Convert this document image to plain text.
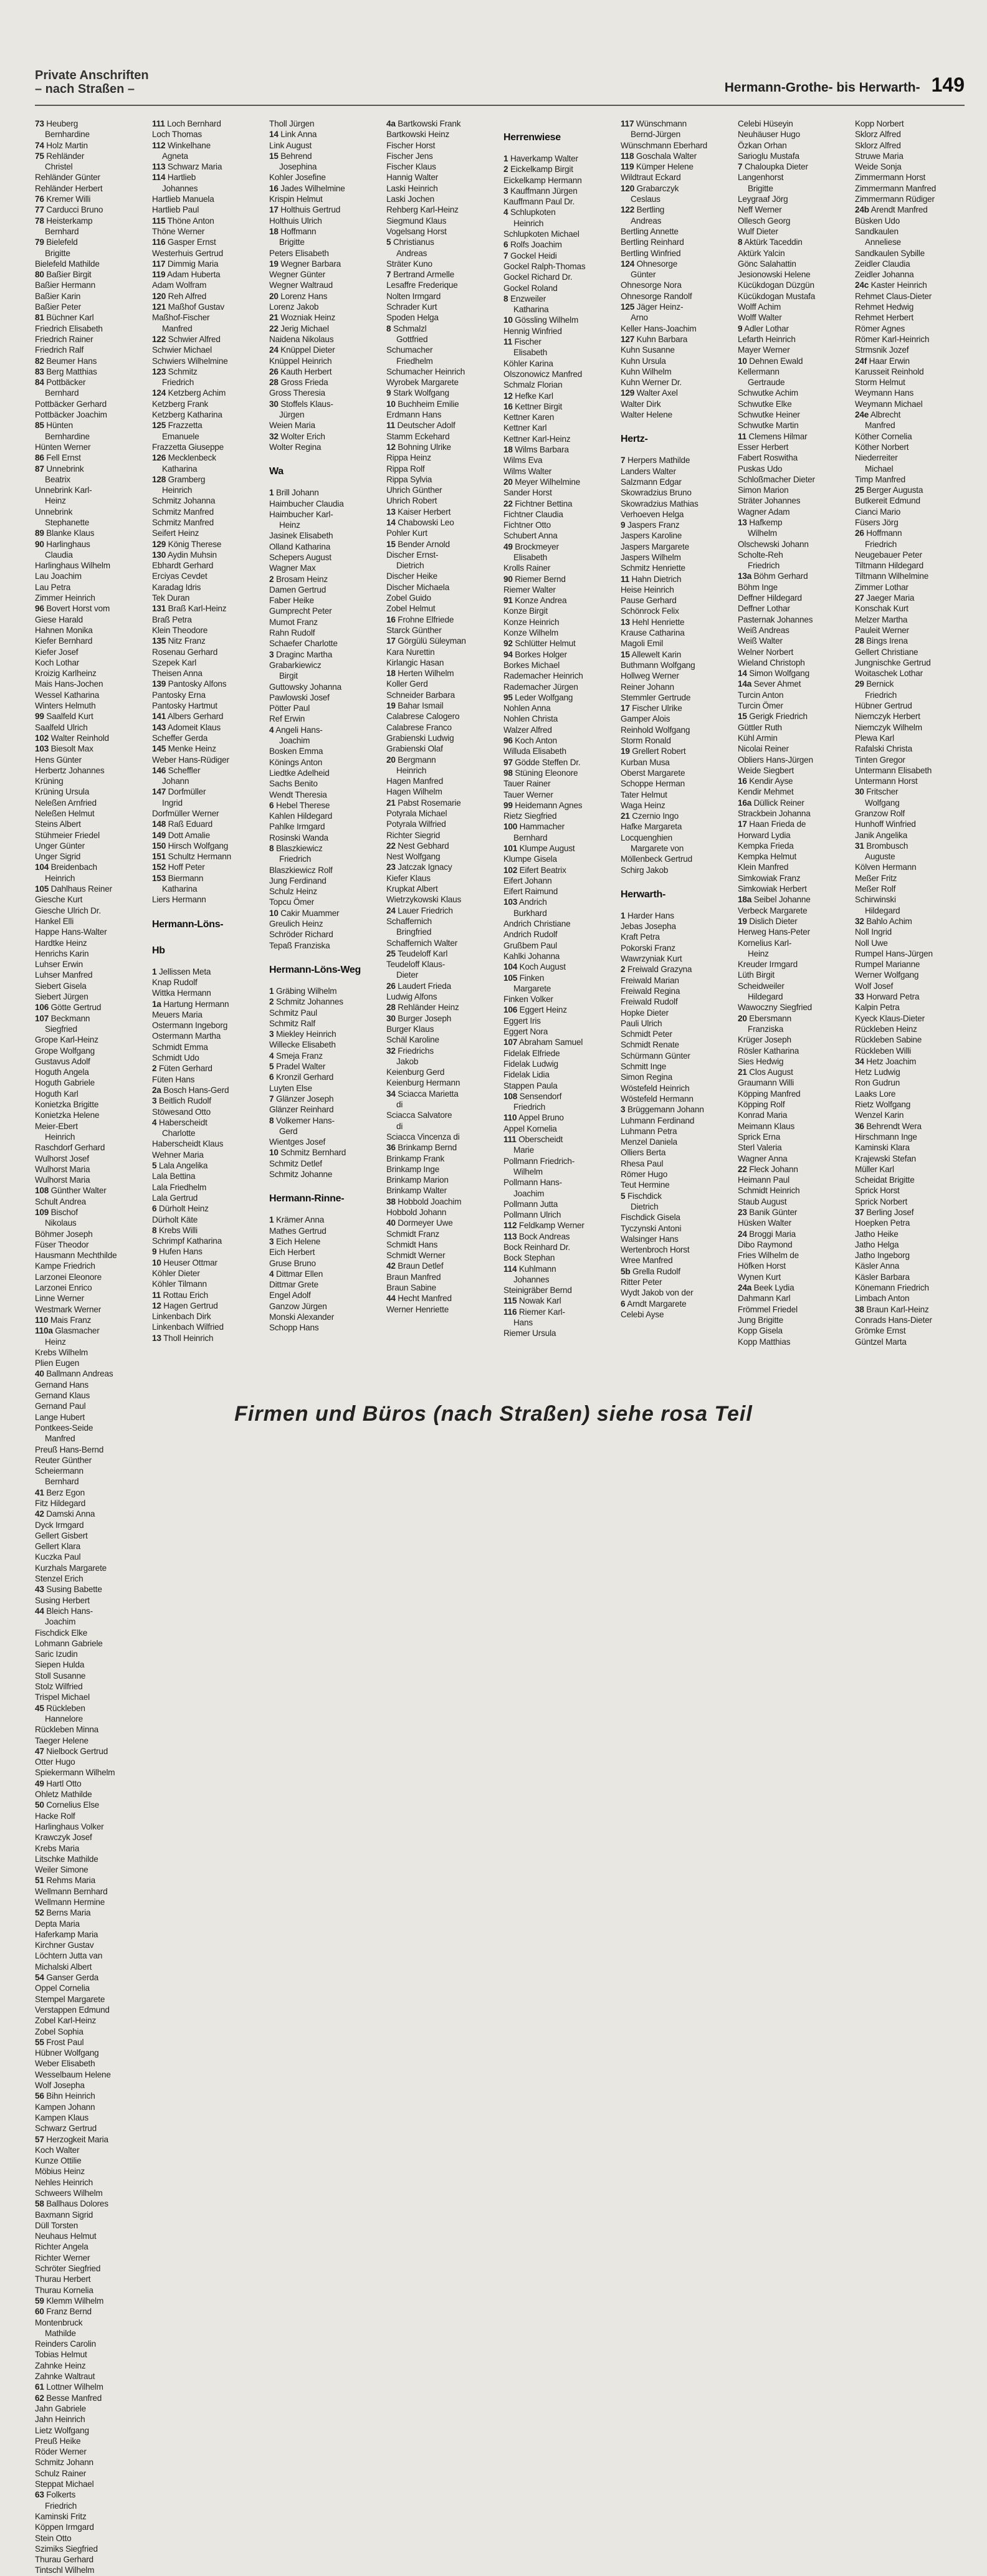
Private Anschriften
– nach Straßen –	Hermann-Grothe- bis Herwarth- 149
73 Heuberg
Bernhardine
74 Holz Martin
75 Rehländer
Christel
Rehländer Günter
Rehländer Herbert
76 Kremer Willi
77 Carducci Bruno
78 Heisterkamp
Bernhard
79 Bielefeld
Brigitte
Bielefeld Mathilde
80 Baßier Birgit
Baßier Hermann
Baßier Karin
Baßier Peter
81 Büchner Karl
Friedrich Elisabeth
Friedrich Rainer
Friedrich Ralf
82 Beumer Hans
83 Berg Matthias
84 Pottbäcker
Bernhard
Pottbäcker Gerhard
Pottbäcker Joachim
85 Hünten
Bernhardine
Hünten Werner
86 Fell Ernst
87 Unnebrink
Beatrix
Unnebrink Karl-
Heinz
Unnebrink
Stephanette
89 Blanke Klaus
90 Harlinghaus
Claudia
Harlinghaus Wilhelm
Lau Joachim
Lau Petra
Zimmer Heinrich
96 Bovert Horst vom
Giese Harald
Hahnen Monika
Kiefer Bernhard
Kiefer Josef
Koch Lothar
Kroizig Karlheinz
Mais Hans-Jochen
Wessel Katharina
Winters Helmuth
99 Saalfeld Kurt
Saalfeld Ulrich
102 Walter Reinhold
103 Biesolt Max
Hens Günter
Herbertz Johannes
Krüning
Krüning Ursula
Neleßen Arnfried
Neleßen Helmut
Steins Albert
Stühmeier Friedel
Unger Günter
Unger Sigrid
104 Breidenbach
Heinrich
105 Dahlhaus Reiner
Giesche Kurt
Giesche Ulrich Dr.
Hankel Elli
Happe Hans-Walter
Hardtke Heinz
Henrichs Karin
Luhser Erwin
Luhser Manfred
Siebert Gisela
Siebert Jürgen
106 Götte Gertrud
107 Beckmann
Siegfried
Grope Karl-Heinz
Grope Wolfgang
Gustavus Adolf
Hoguth Angela
Hoguth Gabriele
Hoguth Karl
Konietzka Brigitte
Konietzka Helene
Meier-Ebert
Heinrich
Raschdorf Gerhard
Wulhorst Josef
Wulhorst Maria
Wulhorst Maria
108 Günther Walter
Schult Andrea
109 Bischof
Nikolaus
Böhmer Joseph
Füser Theodor
Hausmann Mechthilde
Kampe Friedrich
Larzonei Eleonore
Larzonei Enrico
Linne Werner
Westmark Werner
110 Mais Franz
110a Glasmacher
Heinz
111 Loch Bernhard
Loch Thomas
112 Winkelhane
Agneta
113 Schwarz Maria
114 Hartlieb
Johannes
Hartlieb Manuela
Hartlieb Paul
115 Thöne Anton
Thöne Werner
116 Gasper Ernst
Westerhuis Gertrud
117 Dimmig Maria
119 Adam Huberta
Adam Wolfram
120 Reh Alfred
121 Maßhof Gustav
Maßhof-Fischer
Manfred
122 Schwier Alfred
Schwier Michael
Schwiers Wilhelmine
123 Schmitz
Friedrich
124 Ketzberg Achim
Ketzberg Frank
Ketzberg Katharina
125 Frazzetta
Emanuele
Frazzetta Giuseppe
126 Mecklenbeck
Katharina
128 Gramberg
Heinrich
Schmitz Johanna
Schmitz Manfred
Schmitz Manfred
Seifert Heinz
129 König Therese
130 Aydin Muhsin
Ebhardt Gerhard
Erciyas Cevdet
Karadag Idris
Tek Duran
131 Braß Karl-Heinz
Braß Petra
Klein Theodore
135 Nitz Franz
Rosenau Gerhard
Szepek Karl
Theisen Anna
139 Pantosky Alfons
Pantosky Erna
Pantosky Hartmut
141 Albers Gerhard
143 Adomeit Klaus
Scheffer Gerda
145 Menke Heinz
Weber Hans-Rüdiger
146 Scheffler
Johann
147 Dorfmüller
Ingrid
Dorfmüller Werner
148 Raß Eduard
149 Dott Amalie
150 Hirsch Wolfgang
151 Schultz Hermann
152 Hoff Peter
153 Biermann
Katharina
Liers Hermann
Hermann-Löns-
Hb
1 Jellissen Meta
Knap Rudolf
Wittka Hermann
1a Hartung Hermann
Meuers Maria
Ostermann Ingeborg
Ostermann Martha
Schmidt Emma
Schmidt Udo
2 Füten Gerhard
Füten Hans
2a Bosch Hans-Gerd
3 Beitlich Rudolf
Stöwesand Otto
4 Haberscheidt
Charlotte
Haberscheidt Klaus
Wehner Maria
5 Lala Angelika
Lala Bettina
Lala Friedhelm
Lala Gertrud
6 Dürholt Heinz
Dürholt Käte
8 Krebs Willi
Schrimpf Katharina
9 Hufen Hans
10 Heuser Ottmar
Köhler Dieter
Köhler Tilmann
11 Rottau Erich
12 Hagen Gertrud
Linkenbach Dirk
Linkenbach Wilfried
13 Tholl Heinrich
Tholl Jürgen
14 Link Anna
Link August
15 Behrend
Josephina
Kohler Josefine
16 Jades Wilhelmine
Krispin Helmut
17 Holthuis Gertrud
Holthuis Ulrich
18 Hoffmann
Brigitte
Peters Elisabeth
19 Wegner Barbara
Wegner Günter
Wegner Waltraud
20 Lorenz Hans
Lorenz Jakob
21 Wozniak Heinz
22 Jerig Michael
Naidena Nikolaus
24 Knüppel Dieter
Knüppel Heinrich
26 Kauth Herbert
28 Gross Frieda
Gross Theresia
30 Stoffels Klaus-
Jürgen
Weien Maria
32 Wolter Erich
Wolter Regina
Wa
1 Brill Johann
Haimbucher Claudia
Haimbucher Karl-
Heinz
Jasinek Elisabeth
Olland Katharina
Schepers August
Wagner Max
2 Brosam Heinz
Damen Gertrud
Faber Heike
Gumprecht Peter
Mumot Franz
Rahn Rudolf
Schaefer Charlotte
3 Draginc Martha
Grabarkiewicz
Birgit
Guttowsky Johanna
Pawlowski Josef
Pötter Paul
Ref Erwin
4 Angeli Hans-
Joachim
Bosken Emma
Könings Anton
Liedtke Adelheid
Sachs Benito
Wendt Theresia
6 Hebel Therese
Kahlen Hildegard
Pahlke Irmgard
Rosinski Wanda
8 Blaszkiewicz
Friedrich
Blaszkiewicz Rolf
Jung Ferdinand
Schulz Heinz
Topcu Ömer
10 Cakir Muammer
Greulich Heinz
Schröder Richard
Tepaß Franziska
Hermann-Löns-Weg
1 Gräbing Wilhelm
2 Schmitz Johannes
Schmitz Paul
Schmitz Ralf
3 Miekley Heinrich
Willecke Elisabeth
4 Smeja Franz
5 Pradel Walter
6 Kronzil Gerhard
Luyten Else
7 Glänzer Joseph
Glänzer Reinhard
8 Volkemer Hans-
Gerd
Wientges Josef
10 Schmitz Bernhard
Schmitz Detlef
Schmitz Johanne
Hermann-Rinne-
1 Krämer Anna
Mathes Gertrud
3 Eich Helene
Eich Herbert
Gruse Bruno
4 Dittmar Ellen
Dittmar Grete
Engel Adolf
Ganzow Jürgen
Monski Alexander
Schopp Hans
4a Bartkowski Frank
Bartkowski Heinz
Fischer Horst
Fischer Jens
Fischer Klaus
Hannig Walter
Laski Heinrich
Laski Jochen
Rehberg Karl-Heinz
Siegmund Klaus
Vogelsang Horst
5 Christianus
Andreas
Sträter Kuno
7 Bertrand Armelle
Lesaffre Frederique
Nolten Irmgard
Schrader Kurt
Spoden Helga
8 Schmalzl
Gottfried
Schumacher
Friedhelm
Schumacher Heinrich
Wyrobek Margarete
9 Stark Wolfgang
10 Buchheim Emilie
Erdmann Hans
11 Deutscher Adolf
Stamm Eckehard
12 Bohning Ulrike
Rippa Heinz
Rippa Rolf
Rippa Sylvia
Uhrich Günther
Uhrich Robert
13 Kaiser Herbert
14 Chabowski Leo
Pohler Kurt
15 Bender Arnold
Discher Ernst-
Dietrich
Discher Heike
Discher Michaela
Zobel Guido
Zobel Helmut
16 Frohne Elfriede
Starck Günther
17 Görgülü Süleyman
Kara Nurettin
Kirlangic Hasan
18 Herten Wilhelm
Koller Gerd
Schneider Barbara
19 Bahar Ismail
Calabrese Calogero
Calabrese Franco
Grabienski Ludwig
Grabienski Olaf
20 Bergmann
Heinrich
Hagen Manfred
Hagen Wilhelm
21 Pabst Rosemarie
Potyrala Michael
Potyrala Wilfried
Richter Siegrid
22 Nest Gebhard
Nest Wolfgang
23 Jatczak Ignacy
Kiefer Klaus
Krupkat Albert
Wietrzykowski Klaus
24 Lauer Friedrich
Schaffernich
Bringfried
Schaffernich Walter
25 Teudeloff Karl
Teudeloff Klaus-
Dieter
26 Laudert Frieda
Ludwig Alfons
28 Rehländer Heinz
30 Burger Joseph
Burger Klaus
Schäl Karoline
32 Friedrichs
Jakob
Keienburg Gerd
Keienburg Hermann
34 Sciacca Marietta
di
Sciacca Salvatore
di
Sciacca Vincenza di
36 Brinkamp Bernd
Brinkamp Frank
Brinkamp Inge
Brinkamp Marion
Brinkamp Walter
38 Hobbold Joachim
Hobbold Johann
40 Dormeyer Uwe
Schmidt Franz
Schmidt Hans
Schmidt Werner
42 Braun Detlef
Braun Manfred
Braun Sabine
44 Hecht Manfred
Werner Henriette
Herrenwiese
1 Haverkamp Walter
2 Eickelkamp Birgit
Eickelkamp Hermann
3 Kauffmann Jürgen
Kauffmann Paul Dr.
4 Schlupkoten
Heinrich
Schlupkoten Michael
6 Rolfs Joachim
7 Gockel Heidi
Gockel Ralph-Thomas
Gockel Richard Dr.
Gockel Roland
8 Enzweiler
Katharina
10 Gössling Wilhelm
Hennig Winfried
11 Fischer
Elisabeth
Köhler Karina
Olszonowicz Manfred
Schmalz Florian
12 Hefke Karl
16 Kettner Birgit
Kettner Karen
Kettner Karl
Kettner Karl-Heinz
18 Wilms Barbara
Wilms Eva
Wilms Walter
20 Meyer Wilhelmine
Sander Horst
22 Fichtner Bettina
Fichtner Claudia
Fichtner Otto
Schubert Anna
49 Brockmeyer
Elisabeth
Krolls Rainer
90 Riemer Bernd
Riemer Walter
91 Konze Andrea
Konze Birgit
Konze Heinrich
Konze Wilhelm
92 Schlütter Helmut
94 Borkes Holger
Borkes Michael
Rademacher Heinrich
Rademacher Jürgen
95 Leder Wolfgang
Nohlen Anna
Nohlen Christa
Walzer Alfred
96 Koch Anton
Willuda Elisabeth
97 Gödde Steffen Dr.
98 Stüning Eleonore
Tauer Rainer
Tauer Werner
99 Heidemann Agnes
Rietz Siegfried
100 Hammacher
Bernhard
101 Klumpe August
Klumpe Gisela
102 Eifert Beatrix
Eifert Johann
Eifert Raimund
103 Andrich
Burkhard
Andrich Christiane
Andrich Rudolf
Grußbem Paul
Kahlki Johanna
104 Koch August
105 Finken
Margarete
Finken Volker
106 Eggert Heinz
Eggert Iris
Eggert Nora
107 Abraham Samuel
Fidelak Elfriede
Fidelak Ludwig
Fidelak Lidia
Stappen Paula
108 Sensendorf
Friedrich
110 Appel Bruno
Appel Kornelia
111 Oberscheidt
Marie
Pollmann Friedrich-
Wilhelm
Pollmann Hans-
Joachim
Pollmann Jutta
Pollmann Ulrich
112 Feldkamp Werner
113 Bock Andreas
Bock Reinhard Dr.
Bock Stephan
114 Kuhlmann
Johannes
Steinigräber Bernd
115 Nowak Karl
116 Riemer Karl-
Hans
Riemer Ursula
117 Wünschmann
Bernd-Jürgen
Wünschmann Eberhard
118 Goschala Walter
119 Kümper Helene
Wildtraut Eckard
120 Grabarczyk
Ceslaus
122 Bertling
Andreas
Bertling Annette
Bertling Reinhard
Bertling Winfried
124 Ohnesorge
Günter
Ohnesorge Nora
Ohnesorge Randolf
125 Jäger Heinz-
Arno
Keller Hans-Joachim
127 Kuhn Barbara
Kuhn Susanne
Kuhn Ursula
Kuhn Wilhelm
Kuhn Werner Dr.
129 Walter Axel
Walter Dirk
Walter Helene
Hertz-
7 Herpers Mathilde
Landers Walter
Salzmann Edgar
Skowradzius Bruno
Skowradzius Mathias
Verhoeven Helga
9 Jaspers Franz
Jaspers Karoline
Jaspers Margarete
Jaspers Wilhelm
Schmitz Henriette
11 Hahn Dietrich
Heise Heinrich
Pause Gerhard
Schönrock Felix
13 Hehl Henriette
Krause Catharina
Magoli Emil
15 Allewelt Karin
Buthmann Wolfgang
Hollweg Werner
Reiner Johann
Stemmler Gertrude
17 Fischer Ulrike
Gamper Alois
Reinhold Wolfgang
Storm Ronald
19 Grellert Robert
Kurban Musa
Oberst Margarete
Schoppe Herman
Tater Helmut
Waga Heinz
21 Czernio Ingo
Hafke Margareta
Locquenghien
Margarete von
Möllenbeck Gertrud
Schirg Jakob
Herwarth-
1 Harder Hans
Jebas Josepha
Kraft Petra
Pokorski Franz
Wawrzyniak Kurt
2 Freiwald Grazyna
Freiwald Marian
Freiwald Regina
Freiwald Rudolf
Hopke Dieter
Pauli Ulrich
Schmidt Peter
Schmidt Renate
Schürmann Günter
Schmitt Inge
Simon Regina
Wöstefeld Heinrich
Wöstefeld Hermann
3 Brüggemann Johann
Luhmann Ferdinand
Luhmann Petra
Menzel Daniela
Olliers Berta
Rhesa Paul
Römer Hugo
Teut Hermine
5 Fischdick
Dietrich
Fischdick Gisela
Tyczynski Antoni
Walsinger Hans
Wertenbroch Horst
Wree Manfred
5b Grella Rudolf
Ritter Peter
Wydt Jakob von der
6 Arndt Margarete
Celebi Ayse
Celebi Hüseyin
Neuhäuser Hugo
Özkan Orhan
Sarioglu Mustafa
7 Chaloupka Dieter
Langenhorst
Brigitte
Leygraaf Jörg
Neff Werner
Ollesch Georg
Wulf Dieter
8 Aktürk Taceddin
Aktürk Yalcin
Gönc Salahattin
Jesionowski Helene
Kücükdogan Düzgün
Kücükdogan Mustafa
Wolff Achim
Wolff Walter
9 Adler Lothar
Lefarth Heinrich
Mayer Werner
10 Dehnen Ewald
Kellermann
Gertraude
Schwutke Achim
Schwutke Elke
Schwutke Heiner
Schwutke Martin
11 Clemens Hilmar
Esser Herbert
Fabert Roswitha
Puskas Udo
Schloßmacher Dieter
Simon Marion
Sträter Johannes
Wagner Adam
13 Hafkemp
Wilhelm
Olschewski Johann
Scholte-Reh
Friedrich
13a Böhm Gerhard
Böhm Inge
Deffner Hildegard
Deffner Lothar
Pasternak Johannes
Weiß Andreas
Weiß Walter
Welner Norbert
Wieland Christoph
14 Simon Wolfgang
14a Sever Ahmet
Turcin Anton
Turcin Ömer
15 Gerigk Friedrich
Güttler Ruth
Kühl Armin
Nicolai Reiner
Obliers Hans-Jürgen
Weide Siegbert
16 Kendir Ayse
Kendir Mehmet
16a Düllick Reiner
Strackbein Johanna
17 Haan Frieda de
Horward Lydia
Kempka Frieda
Kempka Helmut
Klein Manfred
Simkowiak Franz
Simkowiak Herbert
18a Seibel Johanne
Verbeck Margarete
19 Dislich Dieter
Herweg Hans-Peter
Kornelius Karl-
Heinz
Kreuder Irmgard
Lüth Birgit
Scheidweiler
Hildegard
Wawoczny Siegfried
20 Ebersmann
Franziska
Krüger Joseph
Rösler Katharina
Sies Hedwig
21 Clos August
Graumann Willi
Köpping Manfred
Köpping Rolf
Konrad Maria
Meimann Klaus
Sprick Erna
Sterl Valeria
Wagner Anna
22 Fleck Johann
Heimann Paul
Schmidt Heinrich
Staub August
23 Banik Günter
Hüsken Walter
24 Broggi Maria
Dibo Raymond
Fries Wilhelm de
Höfken Horst
Wynen Kurt
24a Beek Lydia
Dahmann Karl
Frömmel Friedel
Jung Brigitte
Kopp Gisela
Kopp Matthias
Kopp Norbert
Sklorz Alfred
Sklorz Alfred
Struwe Maria
Weide Sonja
Zimmermann Horst
Zimmermann Manfred
Zimmermann Rüdiger
24b Arendt Manfred
Büsken Udo
Sandkaulen
Anneliese
Sandkaulen Sybille
Zeidler Claudia
Zeidler Johanna
24c Kaster Heinrich
Rehmet Claus-Dieter
Rehmet Hedwig
Rehmet Herbert
Römer Agnes
Römer Karl-Heinrich
Strmsnik Jozef
24f Haar Erwin
Karusseit Reinhold
Storm Helmut
Weymann Hans
Weymann Michael
24e Albrecht
Manfred
Köther Cornelia
Köther Norbert
Niederreiter
Michael
Timp Manfred
25 Berger Augusta
Butkereit Edmund
Cianci Mario
Füsers Jörg
26 Hoffmann
Friedrich
Neugebauer Peter
Tiltmann Hildegard
Tiltmann Wilhelmine
Zimmer Lothar
27 Jaeger Maria
Konschak Kurt
Melzer Martha
Pauleit Werner
28 Bings Irena
Gellert Christiane
Jungnischke Gertrud
Woitaschek Lothar
29 Bernick
Friedrich
Hübner Gertrud
Niemczyk Herbert
Niemczyk Wilhelm
Plewa Karl
Rafalski Christa
Tinten Gregor
Untermann Elisabeth
Untermann Horst
30 Fritscher
Wolfgang
Granzow Rolf
Hunhoff Winfried
Janik Angelika
31 Brombusch
Auguste
Kölven Hermann
Meßer Fritz
Meßer Rolf
Schirwinski
Hildegard
32 Bahlo Achim
Noll Ingrid
Noll Uwe
Rumpel Hans-Jürgen
Rumpel Marianne
Werner Wolfgang
Wolf Josef
33 Horward Petra
Kalpin Petra
Kyeck Klaus-Dieter
Rückleben Heinz
Rückleben Sabine
Rückleben Willi
34 Hetz Joachim
Hetz Ludwig
Ron Gudrun
Laaks Lore
Rietz Wolfgang
Wenzel Karin
36 Behrendt Wera
Hirschmann Inge
Kaminski Klara
Krajewski Stefan
Müller Karl
Scheidat Brigitte
Sprick Horst
Sprick Norbert
37 Berling Josef
Hoepken Petra
Jatho Heike
Jatho Helga
Jatho Ingeborg
Käsler Anna
Käsler Barbara
Könemann Friedrich
Limbach Anton
38 Braun Karl-Heinz
Conrads Hans-Dieter
Grömke Ernst
Güntzel Marta
Krebs Wilhelm
Plien Eugen
40 Ballmann Andreas
Gernand Hans
Gernand Klaus
Gernand Paul
Lange Hubert
Pontkees-Seide
Manfred
Preuß Hans-Bernd
Reuter Günther
Scheiermann
Bernhard
41 Berz Egon
Fitz Hildegard
42 Damski Anna
Dyck Irmgard
Gellert Gisbert
Gellert Klara
Kuczka Paul
Kurzhals Margarete
Stenzel Erich
43 Susing Babette
Susing Herbert
44 Bleich Hans-
Joachim
Fischdick Elke
Lohmann Gabriele
Saric Izudin
Siepen Hulda
Stoll Susanne
Stolz Wilfried
Trispel Michael
45 Rückleben
Hannelore
Rückleben Minna
Taeger Helene
47 Nielbock Gertrud
Otter Hugo
Spiekermann Wilhelm
49 Hartl Otto
Ohletz Mathilde
50 Cornelius Else
Hacke Rolf
Harlinghaus Volker
Krawczyk Josef
Krebs Maria
Litschke Mathilde
Weiler Simone
51 Rehms Maria
Wellmann Bernhard
Wellmann Hermine
52 Berns Maria
Depta Maria
Haferkamp Maria
Kirchner Gustav
Löchtern Jutta van
Michalski Albert
54 Ganser Gerda
Oppel Cornelia
Stempel Margarete
Verstappen Edmund
Zobel Karl-Heinz
Zobel Sophia
55 Frost Paul
Hübner Wolfgang
Weber Elisabeth
Wesselbaum Helene
Wolf Josepha
56 Bihn Heinrich
Kampen Johann
Kampen Klaus
Schwarz Gertrud
57 Herzogkeit Maria
Koch Walter
Kunze Ottilie
Möbius Heinz
Nehles Heinrich
Schweers Wilhelm
58 Ballhaus Dolores
Baxmann Sigrid
Düll Torsten
Neuhaus Helmut
Richter Angela
Richter Werner
Schröter Siegfried
Thurau Herbert
Thurau Kornelia
59 Klemm Wilhelm
60 Franz Bernd
Montenbruck
Mathilde
Reinders Carolin
Tobias Helmut
Zahnke Heinz
Zahnke Waltraut
61 Lottner Wilhelm
62 Besse Manfred
Jahn Gabriele
Jahn Heinrich
Lietz Wolfgang
Preuß Heike
Röder Werner
Schmitz Johann
Schulz Rainer
Steppat Michael
63 Folkerts
Friedrich
Kaminski Fritz
Köppen Irmgard
Stein Otto
Szimiks Siegfried
Thurau Gerhard
Tintschl Wilhelm
Firmen und Büros (nach Straßen) siehe rosa Teil
